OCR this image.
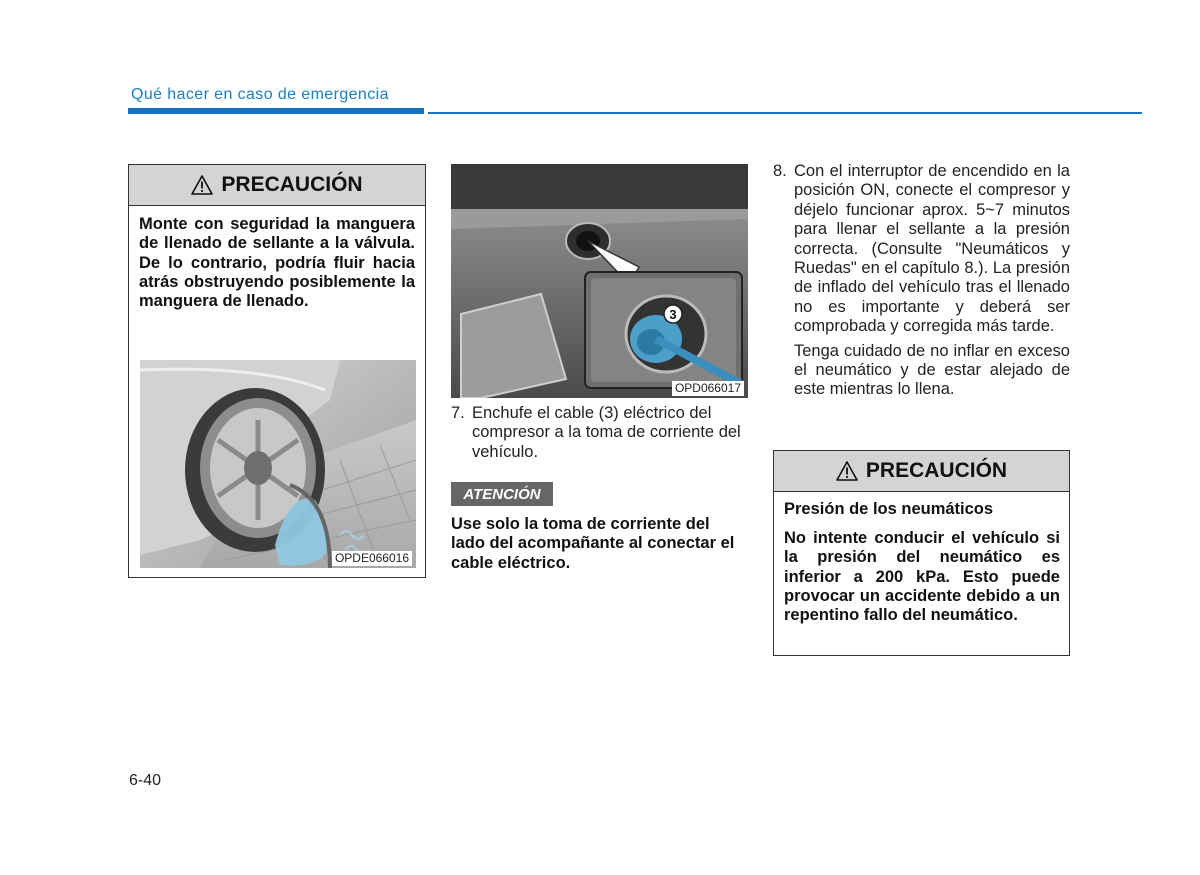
Qué hacer en caso de emergencia
PRECAUCIÓN

Monte con seguridad la manguera de llenado de sellante a la válvula. De lo contrario, podría fluir hacia atrás obstruyendo posiblemente la manguera de llenado.

OPDE066016
3
OPD066017
7. Enchufe el cable (3) eléctrico del compresor a la toma de corriente del vehículo.
ATENCIÓN

Use solo la toma de corriente del lado del acompañante al conectar el cable eléctrico.

8. Con el interruptor de encendido en la posición ON, conecte el compresor y déjelo funcionar aprox. 5~7 minutos para llenar el sellante a la presión correcta. (Consulte "Neumáticos y Ruedas" en el capítulo 8.). La presión de inflado del vehículo tras el llenado no es importante y deberá ser comprobada y corregida más tarde.
Tenga cuidado de no inflar en exceso el neumático y de estar alejado de este mientras lo llena.
PRECAUCIÓN

Presión de los neumáticos

No intente conducir el vehículo si la presión del neumático es inferior a 200 kPa. Esto puede provocar un accidente debido a un repentino fallo del neumático.

6-40
